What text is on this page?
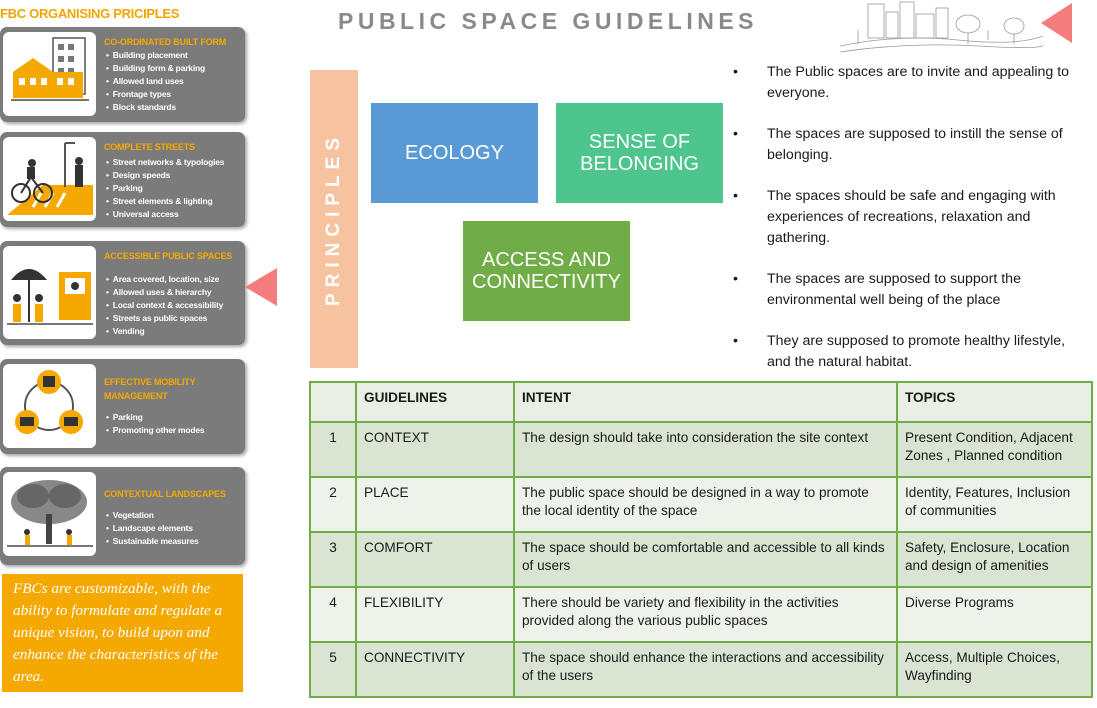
FBC ORGANISING PRICIPLES
CO-ORDINATED BUILT FORM
• Building placement
• Building form & parking
• Allowed land uses
• Frontage types
• Block standards
COMPLETE STREETS
• Street networks & typologies
• Design speeds
• Parking
• Street elements & lighting
• Universal access
ACCESSIBLE PUBLIC SPACES
• Area covered, location, size
• Allowed uses & hierarchy
• Local context & accessibility
• Streets as public spaces
• Vending
EFFECTIVE MOBILITY MANAGEMENT
• Parking
• Promoting other modes
CONTEXTUAL LANDSCAPES
• Vegetation
• Landscape elements
• Sustainable measures
FBCs are customizable, with the ability to formulate and regulate a unique vision, to build upon and enhance the characteristics of the area.
PUBLIC SPACE GUIDELINES
PRINCIPLES	ECOLOGY	SENSE OF BELONGING
ACCESS AND CONNECTIVITY
• The Public spaces are to invite and appealing to everyone.
• The spaces are supposed to instill the sense of belonging.
• The spaces should be safe and engaging with experiences of recreations, relaxation and gathering.
• The spaces are supposed to support the environmental well being of the place
• They are supposed to promote healthy lifestyle, and the natural habitat.
	GUIDELINES	INTENT	TOPICS
1	CONTEXT	The design should take into consideration the site context	Present Condition, Adjacent Zones , Planned condition
2	PLACE	The public space should be designed in a way to promote the local identity of the space	Identity, Features, Inclusion of communities
3	COMFORT	The space should be comfortable and accessible to all kinds of users	Safety, Enclosure, Location and design of amenities
4	FLEXIBILITY	There should be variety and flexibility in the activities provided along the various public spaces	Diverse Programs
5	CONNECTIVITY	The space should enhance the interactions and accessibility of the users	Access, Multiple Choices, Wayfinding
